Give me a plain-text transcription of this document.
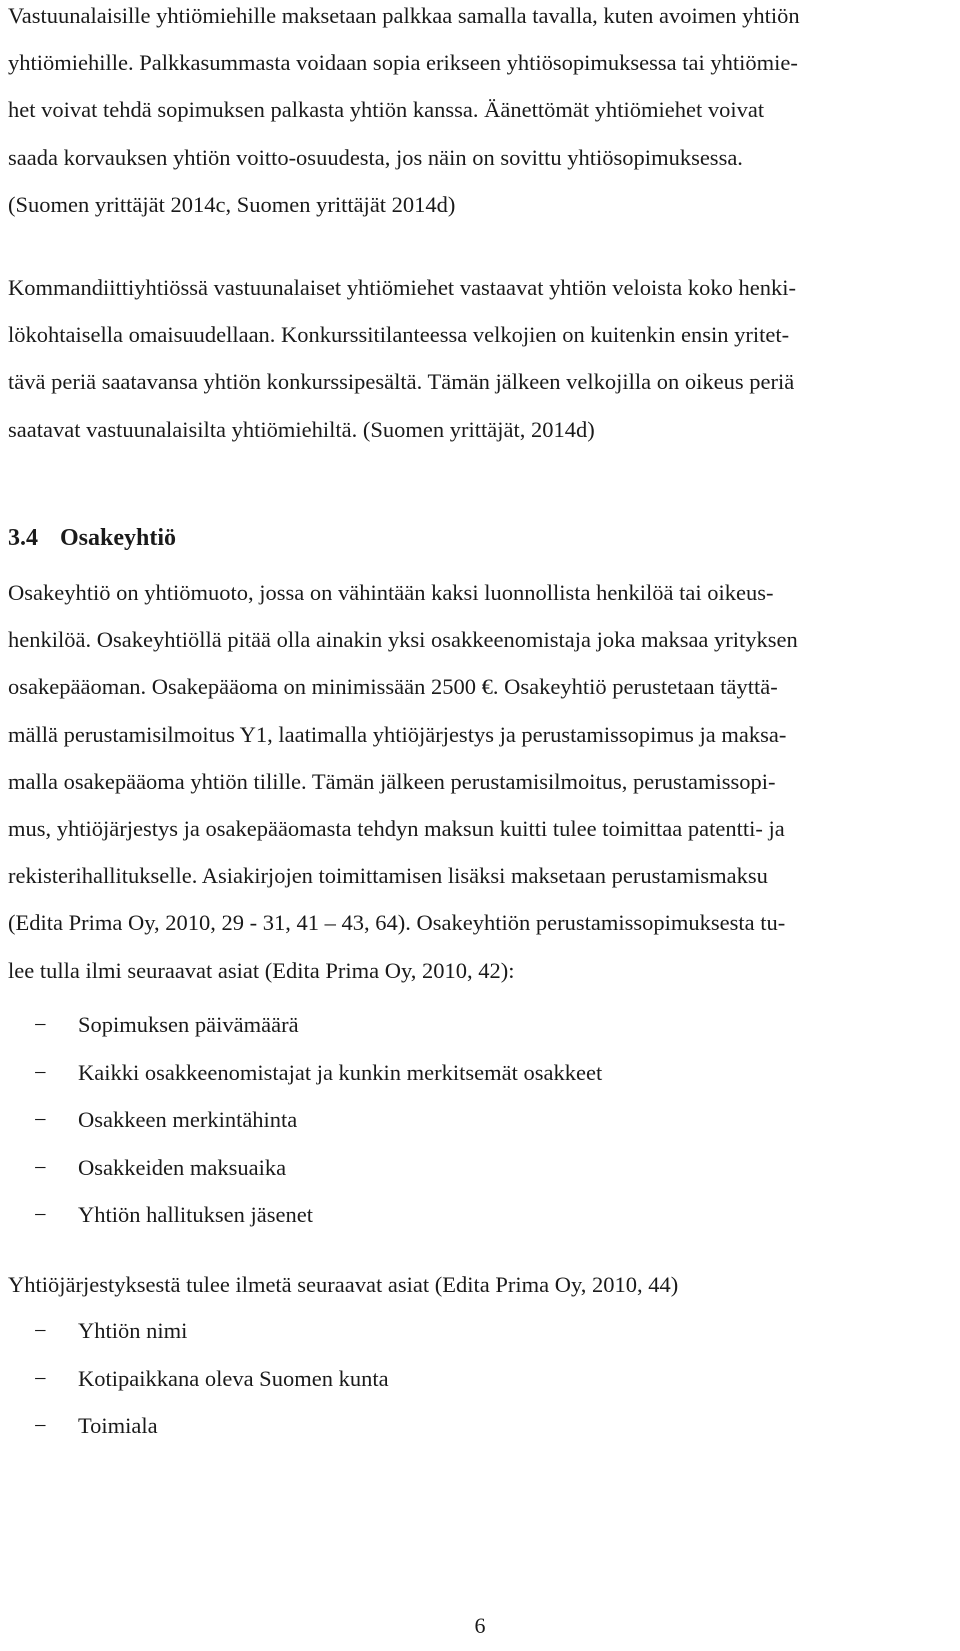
Vastuunalaisille yhtiömiehille maksetaan palkkaa samalla tavalla, kuten avoimen yhtiön
yhtiömiehille. Palkkasummasta voidaan sopia erikseen yhtiösopimuksessa tai yhtiömie-
het voivat tehdä sopimuksen palkasta yhtiön kanssa. Äänettömät yhtiömiehet voivat
saada korvauksen yhtiön voitto-osuudesta, jos näin on sovittu yhtiösopimuksessa.
(Suomen yrittäjät 2014c, Suomen yrittäjät 2014d)

Kommandiittiyhtiössä vastuunalaiset yhtiömiehet vastaavat yhtiön veloista koko henki-
lökohtaisella omaisuudellaan. Konkurssitilanteessa velkojien on kuitenkin ensin yritet-
tävä periä saatavansa yhtiön konkurssipesältä. Tämän jälkeen velkojilla on oikeus periä
saatavat vastuunalaisilta yhtiömiehiltä. (Suomen yrittäjät, 2014d)

3.4 Osakeyhtiö

Osakeyhtiö on yhtiömuoto, jossa on vähintään kaksi luonnollista henkilöä tai oikeus-
henkilöä. Osakeyhtiöllä pitää olla ainakin yksi osakkeenomistaja joka maksaa yrityksen
osakepääoman. Osakepääoma on minimissään 2500 €. Osakeyhtiö perustetaan täyttä-
mällä perustamisilmoitus Y1, laatimalla yhtiöjärjestys ja perustamissopimus ja maksa-
malla osakepääoma yhtiön tilille. Tämän jälkeen perustamisilmoitus, perustamissopi-
mus, yhtiöjärjestys ja osakepääomasta tehdyn maksun kuitti tulee toimittaa patentti- ja
rekisterihallitukselle. Asiakirjojen toimittamisen lisäksi maksetaan perustamismaksu
(Edita Prima Oy, 2010, 29 - 31, 41 – 43, 64). Osakeyhtiön perustamissopimuksesta tu-
lee tulla ilmi seuraavat asiat (Edita Prima Oy, 2010, 42):

− Sopimuksen päivämäärä
− Kaikki osakkeenomistajat ja kunkin merkitsemät osakkeet
− Osakkeen merkintähinta
− Osakkeiden maksuaika
− Yhtiön hallituksen jäsenet

Yhtiöjärjestyksestä tulee ilmetä seuraavat asiat (Edita Prima Oy, 2010, 44)

− Yhtiön nimi
− Kotipaikkana oleva Suomen kunta
− Toimiala
6
